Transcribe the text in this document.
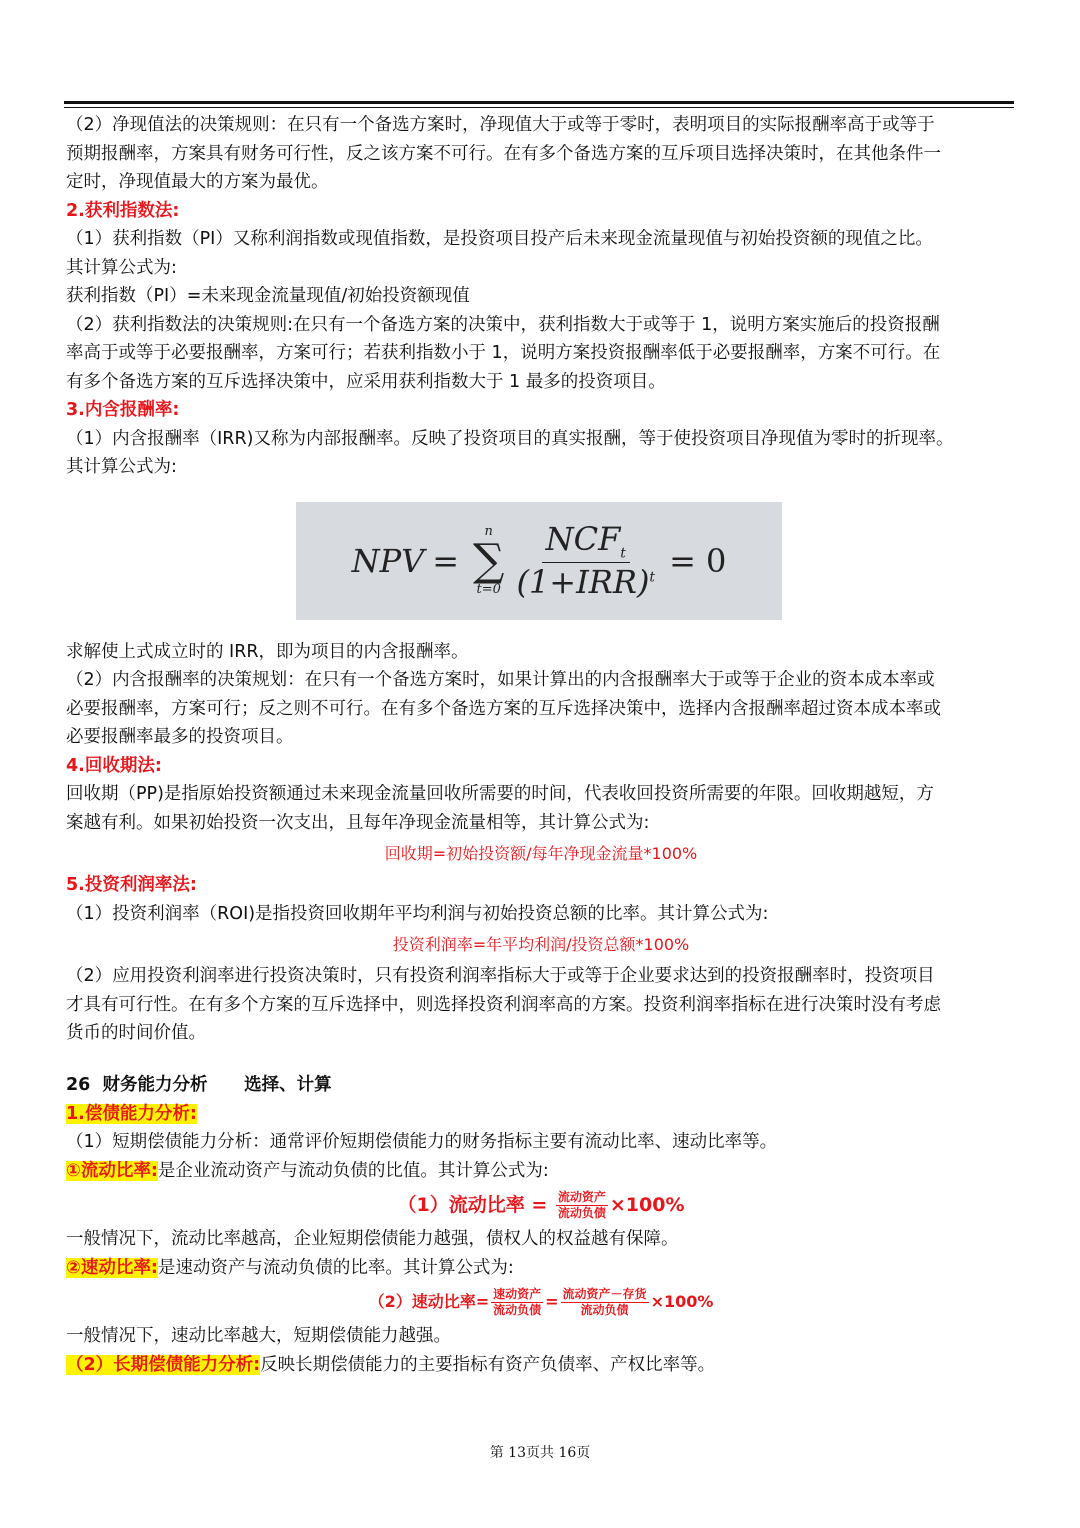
（2）净现值法的决策规则：在只有一个备选方案时，净现值大于或等于零时，表明项目的实际报酬率高于或等于
预期报酬率，方案具有财务可行性，反之该方案不可行。在有多个备选方案的互斥项目选择决策时，在其他条件一
定时，净现值最大的方案为最优。
2.获利指数法:
（1）获利指数（PI）又称利润指数或现值指数，是投资项目投产后未来现金流量现值与初始投资额的现值之比。
其计算公式为:
获利指数（PI）=未来现金流量现值/初始投资额现值
（2）获利指数法的决策规则:在只有一个备选方案的决策中，获利指数大于或等于 1，说明方案实施后的投资报酬
率高于或等于必要报酬率，方案可行；若获利指数小于 1，说明方案投资报酬率低于必要报酬率，方案不可行。在
有多个备选方案的互斥选择决策中，应采用获利指数大于 1 最多的投资项目。
3.内含报酬率:
（1）内含报酬率（IRR)又称为内部报酬率。反映了投资项目的真实报酬，等于使投资项目净现值为零时的折现率。
其计算公式为:
NPV =
n
∑
$t=0 \frac{NCF_t}{(1+IRR)^t} = 0$
求解使上式成立时的 IRR，即为项目的内含报酬率。
（2）内含报酬率的决策规划：在只有一个备选方案时，如果计算出的内含报酬率大于或等于企业的资本成本率或
必要报酬率，方案可行；反之则不可行。在有多个备选方案的互斥选择决策中，选择内含报酬率超过资本成本率或
必要报酬率最多的投资项目。
4.回收期法:
回收期（PP)是指原始投资额通过未来现金流量回收所需要的时间，代表收回投资所需要的年限。回收期越短，方
案越有利。如果初始投资一次支出，且每年净现金流量相等，其计算公式为:
回收期=初始投资额/每年净现金流量*100%
5.投资利润率法:
（1）投资利润率（ROI)是指投资回收期年平均利润与初始投资总额的比率。其计算公式为:
投资利润率=年平均利润/投资总额*100%
（2）应用投资利润率进行投资决策时，只有投资利润率指标大于或等于企业要求达到的投资报酬率时，投资项目
才具有可行性。在有多个方案的互斥选择中，则选择投资利润率高的方案。投资利润率指标在进行决策时没有考虑
货币的时间价值。
26  财务能力分析      选择、计算
1.偿债能力分析:
（1）短期偿债能力分析：通常评价短期偿债能力的财务指标主要有流动比率、速动比率等。
①流动比率:是企业流动资产与流动负债的比值。其计算公式为:
（1）流动比率 = $\frac{\text{流动资产}}{\text{流动负债}} \times 100\%$
一般情况下，流动比率越高，企业短期偿债能力越强，债权人的权益越有保障。
②速动比率:是速动资产与流动负债的比率。其计算公式为:
（2）速动比率= $\frac{\text{速动资产}}{\text{流动负债}} = \frac{\text{流动资产－存货}}{\text{流动负债}} \times 100\%$
一般情况下，速动比率越大，短期偿债能力越强。
（2）长期偿债能力分析:反映长期偿债能力的主要指标有资产负债率、产权比率等。
第 13页共 16页
